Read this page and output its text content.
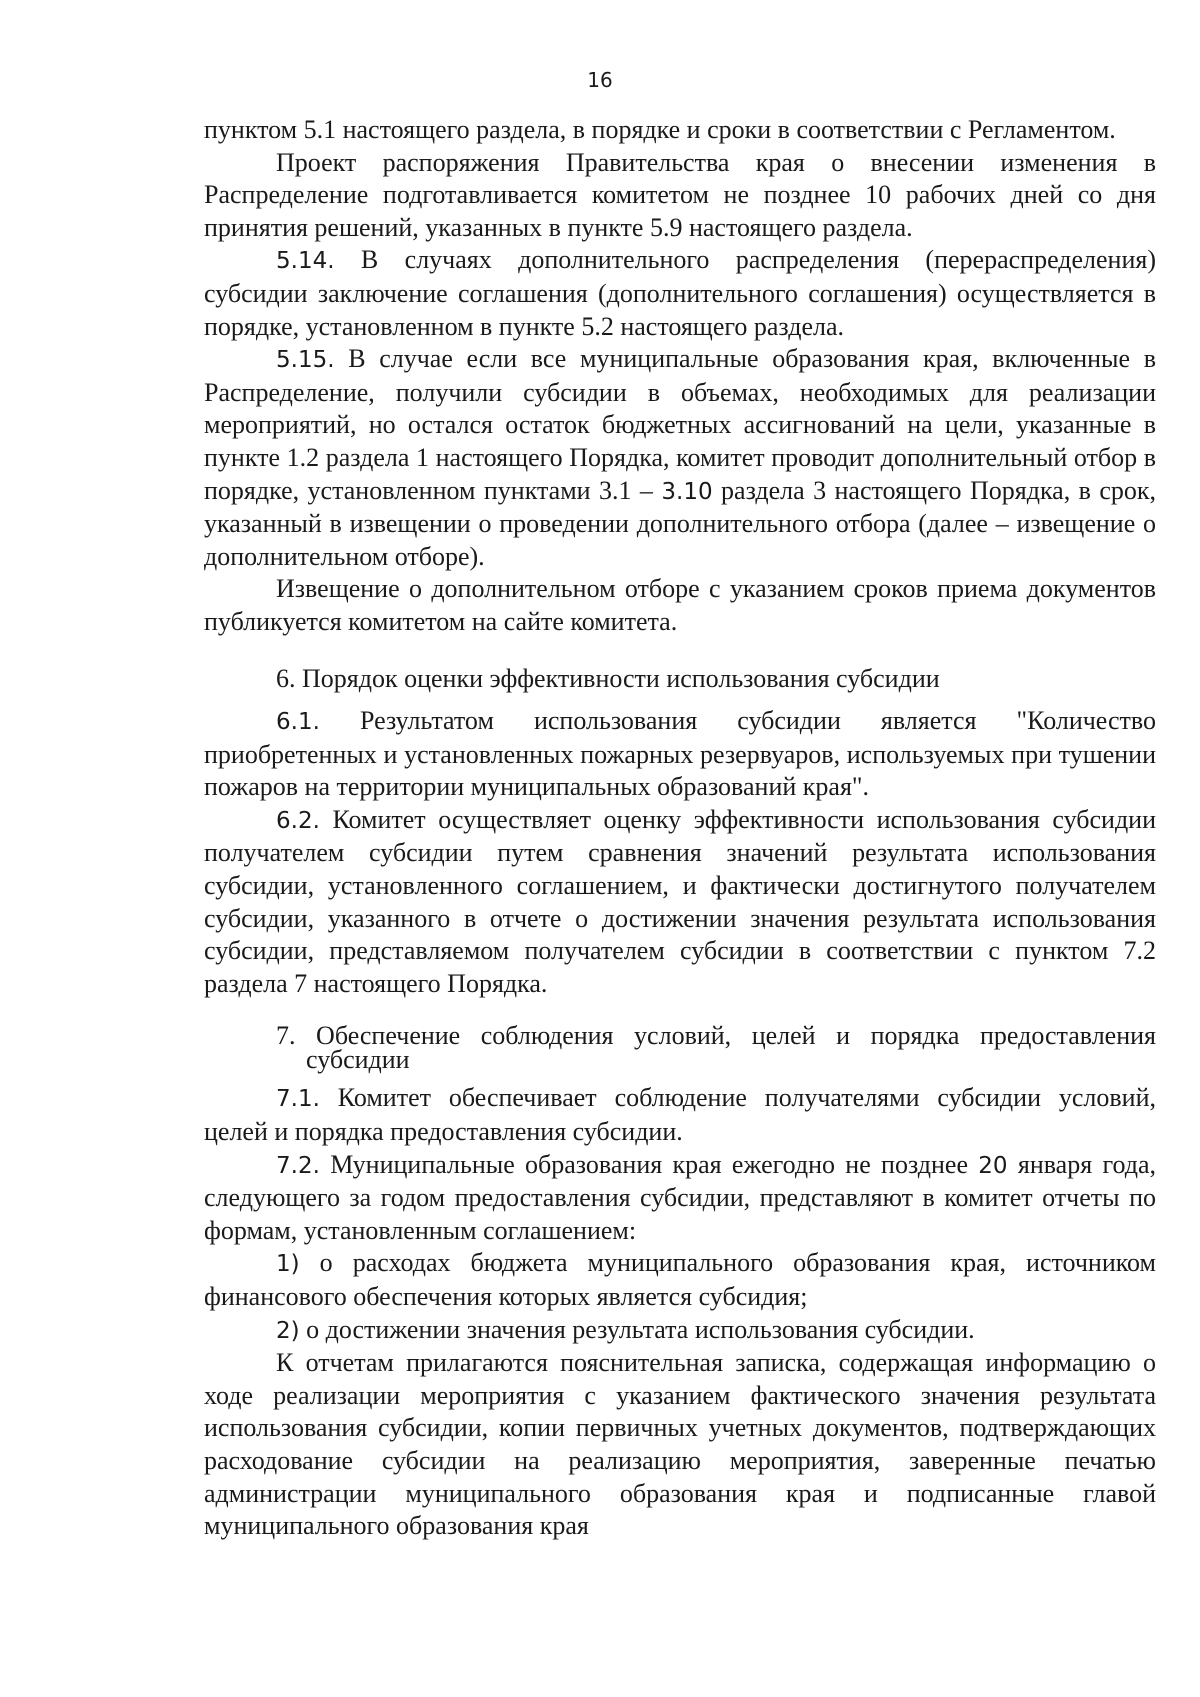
16

пунктом 5.1 настоящего раздела, в порядке и сроки в соответствии с Регламентом.

Проект распоряжения Правительства края о внесении изменения в Распределение подготавливается комитетом не позднее 10 рабочих дней со дня принятия решений, указанных в пункте 5.9 настоящего раздела.

5.14. В случаях дополнительного распределения (перераспределения) субсидии заключение соглашения (дополнительного соглашения) осуществляется в порядке, установленном в пункте 5.2 настоящего раздела.

5.15. В случае если все муниципальные образования края, включенные в Распределение, получили субсидии в объемах, необходимых для реализации мероприятий, но остался остаток бюджетных ассигнований на цели, указанные в пункте 1.2 раздела 1 настоящего Порядка, комитет проводит дополнительный отбор в порядке, установленном пунктами 3.1 – 3.10 раздела 3 настоящего Порядка, в срок, указанный в извещении о проведении дополнительного отбора (далее – извещение о дополнительном отборе).

Извещение о дополнительном отборе с указанием сроков приема документов публикуется комитетом на сайте комитета.

6. Порядок оценки эффективности использования субсидии

6.1. Результатом использования субсидии является "Количество приобретенных и установленных пожарных резервуаров, используемых при тушении пожаров на территории муниципальных образований края".

6.2. Комитет осуществляет оценку эффективности использования субсидии получателем субсидии путем сравнения значений результата использования субсидии, установленного соглашением, и фактически достигнутого получателем субсидии, указанного в отчете о достижении значения результата использования субсидии, представляемом получателем субсидии в соответствии с пунктом 7.2 раздела 7 настоящего Порядка.

7. Обеспечение соблюдения условий, целей и порядка предоставления субсидии

7.1. Комитет обеспечивает соблюдение получателями субсидии условий, целей и порядка предоставления субсидии.

7.2. Муниципальные образования края ежегодно не позднее 20 января года, следующего за годом предоставления субсидии, представляют в комитет отчеты по формам, установленным соглашением:

1) о расходах бюджета муниципального образования края, источником финансового обеспечения которых является субсидия;

2) о достижении значения результата использования субсидии.

К отчетам прилагаются пояснительная записка, содержащая информацию о ходе реализации мероприятия с указанием фактического значения результата использования субсидии, копии первичных учетных документов, подтверждающих расходование субсидии на реализацию мероприятия, заверенные печатью администрации муниципального образования края и подписанные главой муниципального образования края
